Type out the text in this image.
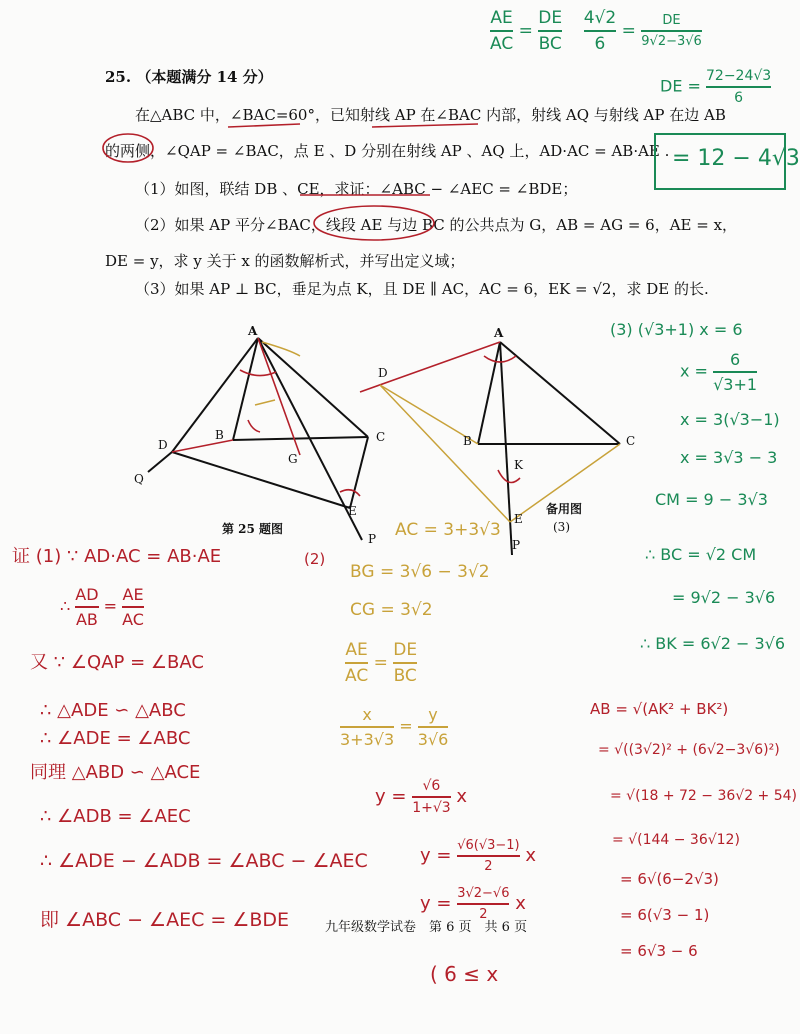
25. （本题满分 14 分）
在△ABC 中，∠BAC=60°，已知射线 AP 在∠BAC 内部，射线 AQ 与射线 AP 在边 AB
的两侧，∠QAP = ∠BAC，点 E 、D 分别在射线 AP 、AQ 上，AD·AC = AB·AE .
（1）如图，联结 DB 、CE，求证：∠ABC − ∠AEC = ∠BDE；
（2）如果 AP 平分∠BAC，线段 AE 与边 BC 的公共点为 G，AB = AG = 6，AE = x，
DE = y，求 y 关于 x 的函数解析式，并写出定义域；
（3）如果 AP ⊥ BC，垂足为点 K，且 DE ∥ AC，AC = 6，EK = √2，求 DE 的长.
A
B	C
D
E
G
P
Q
第 25 题图
A
B	C
D
K
E
P
备用图
(3)
$\frac{AE}{AC} = \frac{DE}{BC}$
$\frac{4√2}{6} = \frac{DE}{9√2-3√6}$
DE = $\frac{72-24√3}{6}$
= 12 − 4√3
(3) (√3+1) x = 6
$x = \frac{6}{√3+1}$
x = 3(√3−1)
x = 3√3 − 3
CM = 9 − 3√3
∴ BC = √2 CM
= 9√2 − 3√6
∴ BK = 6√2 − 3√6
AB = √(AK² + BK²)
= √((3√2)² + (6√2−3√6)²)
= √(18 + 72 − 36√2 + 54)
= √(144 − 36√12)
= 6√(6−2√3)
= 6(√3 − 1)
= 6√3 − 6
证 (1) ∵ AD·AC = AB·AE
∴ $\frac{AD}{AB} = \frac{AE}{AC}$
又 ∵ ∠QAP = ∠BAC
∴ △ADE ∽ △ABC
∴ ∠ADE = ∠ABC
同理 △ABD ∽ △ACE
∴ ∠ADB = ∠AEC
∴ ∠ADE − ∠ADB = ∠ABC − ∠AEC
即 ∠ABC − ∠AEC = ∠BDE
(2)
AC = 3+3√3
BG = 3√6 − 3√2
CG = 3√2
$\frac{AE}{AC} = \frac{DE}{BC}$
$\frac{x}{3+3√3} = \frac{y}{3√6}$
$y = \frac{√6}{1+√3}$ x
$y = \frac{√6(√3-1)}{2}$ x
$y = \frac{3√2-√6}{2}$ x
( 6 ≤ x
九年级数学试卷　第 6 页　共 6 页
